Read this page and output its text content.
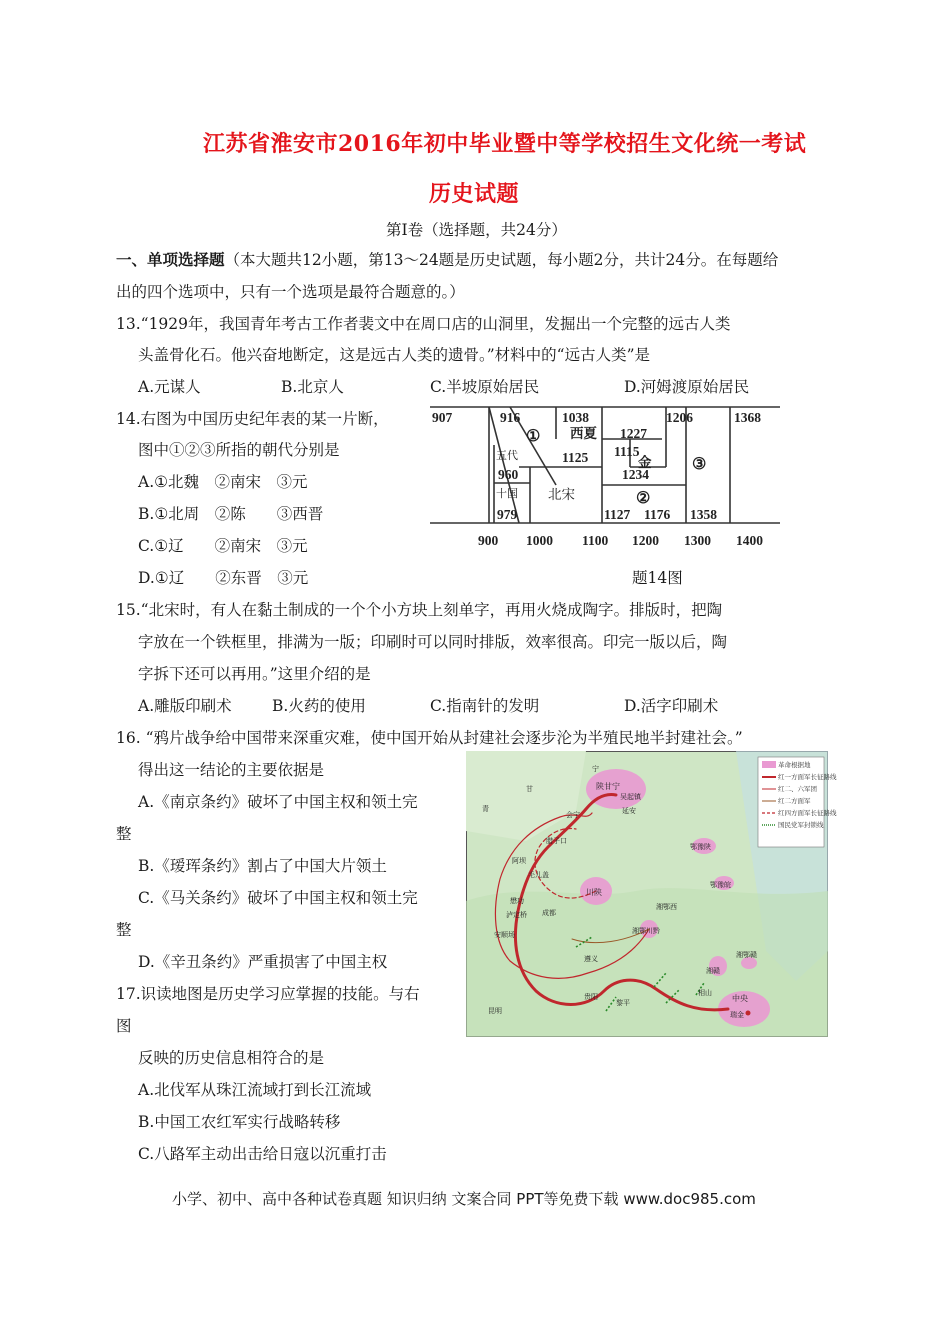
江苏省淮安市2016年初中毕业暨中等学校招生文化统一考试
历史试题
第Ⅰ卷（选择题，共24分）
一、单项选择题（本大题共12小题，第13～24题是历史试题，每小题2分，共计24分。在每题给
出的四个选项中，只有一个选项是最符合题意的。）
13.“1929年，我国青年考古工作者裴文中在周口店的山洞里，发掘出一个完整的远古人类
头盖骨化石。他兴奋地断定，这是远古人类的遗骨。”材料中的“远古人类”是
A.元谋人	B.北京人	C.半坡原始居民	D.河姆渡原始居民
14.右图为中国历史纪年表的某一片断，
图中①②③所指的朝代分别是
A.①北魏　②南宋　③元
B.①北周　②陈　　③西晋
C.①辽　　②南宋　③元
D.①辽　　②东晋　③元	题14图
907	916	1038	1206	1368
西夏 1227
1115
1125	金
1234
960
五代
北宋
十国
979	1127 1176 1358
①
②
③
900 1000 1100 1200 1300 1400
15.“北宋时，有人在黏土制成的一个个小方块上刻单字，再用火烧成陶字。排版时，把陶
字放在一个铁框里，排满为一版；印刷时可以同时排版，效率很高。印完一版以后，陶
字拆下还可以再用。”这里介绍的是
A.雕版印刷术	B.火药的使用	C.指南针的发明	D.活字印刷术
16. “鸦片战争给中国带来深重灾难，使中国开始从封建社会逐步沦为半殖民地半封建社会。”
得出这一结论的主要依据是
A.《南京条约》破坏了中国主权和领土完
整
B.《瑷珲条约》割占了中国大片领土
C.《马关条约》破坏了中国主权和领土完
整
D.《辛丑条约》严重损害了中国主权
17.识读地图是历史学习应掌握的技能。与右
图
反映的历史信息相符合的是
A.北伐军从珠江流域打到长江流域
B.中国工农红军实行战略转移
C.八路军主动出击给日寇以沉重打击
革命根据地
红一方面军长征路线
红二、六军团
红二方面军
红四方面军长征路线
国民党军封锁线
陕甘宁
吴起镇
延安
会宁
腊子口
鄂豫陕
川陕
懋功
阿坝
毛儿盖
泸定桥
安顺场
鄂豫皖
成都
湘鄂川黔
湘赣
遵义	湘鄂赣
湘鄂西
贵阳
黎平
相山
中央
瑞金
昆明
宁
甘
青
小学、初中、高中各种试卷真题 知识归纳 文案合同 PPT等免费下载 www.doc985.com
